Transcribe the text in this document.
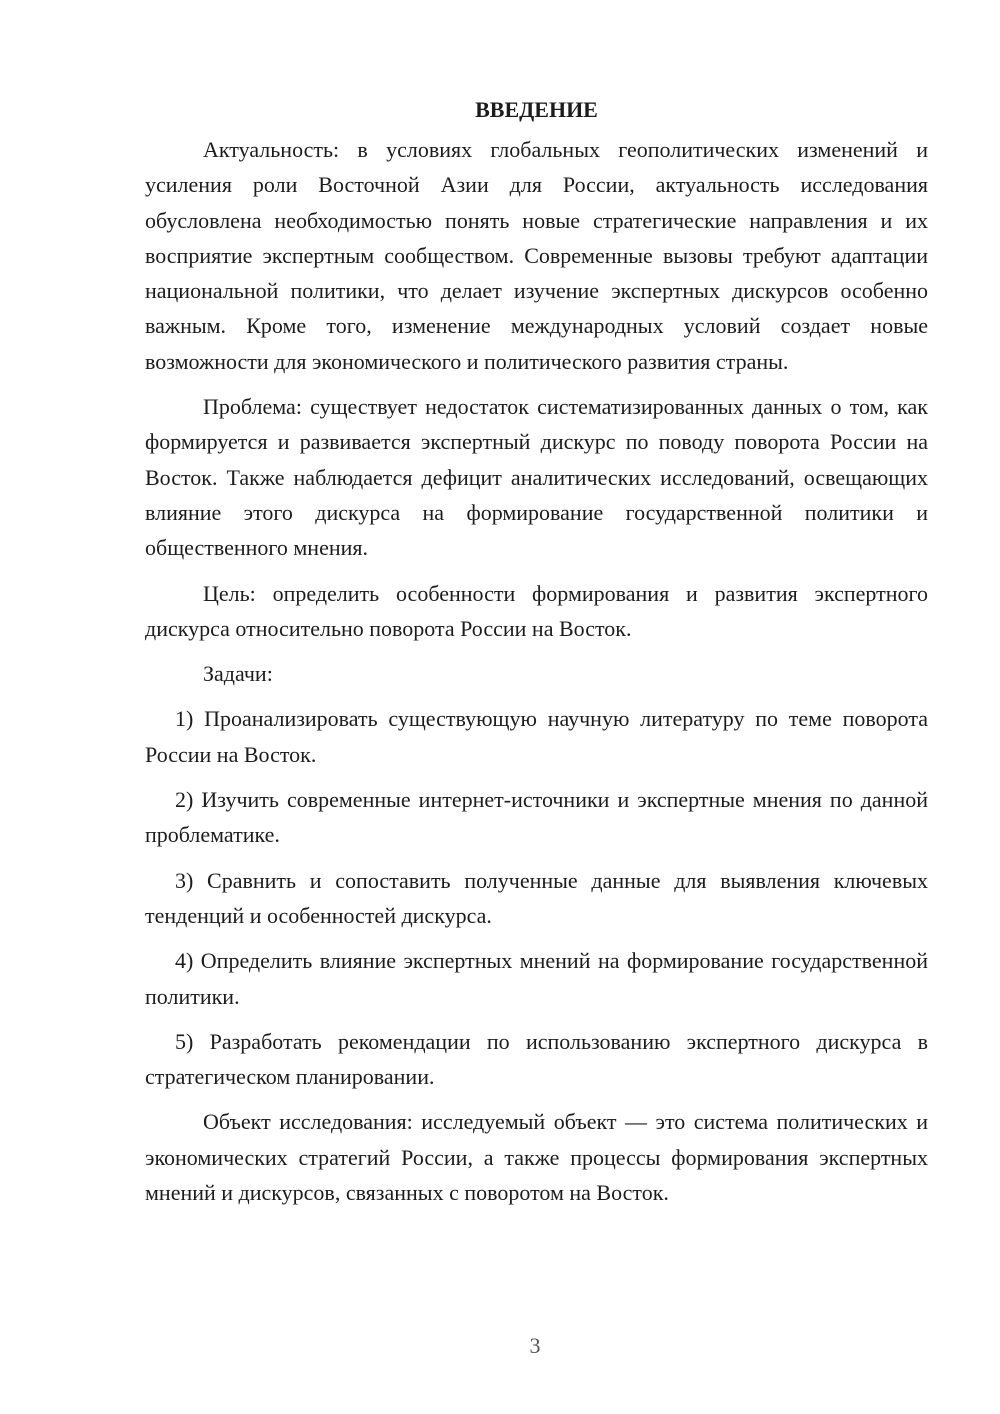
ВВЕДЕНИЕ

Актуальность: в условиях глобальных геополитических изменений и усиления роли Восточной Азии для России, актуальность исследования обусловлена необходимостью понять новые стратегические направления и их восприятие экспертным сообществом. Современные вызовы требуют адаптации национальной политики, что делает изучение экспертных дискурсов особенно важным. Кроме того, изменение международных условий создает новые возможности для экономического и политического развития страны.

Проблема: существует недостаток систематизированных данных о том, как формируется и развивается экспертный дискурс по поводу поворота России на Восток. Также наблюдается дефицит аналитических исследований, освещающих влияние этого дискурса на формирование государственной политики и общественного мнения.

Цель: определить особенности формирования и развития экспертного дискурса относительно поворота России на Восток.

Задачи:

1) Проанализировать существующую научную литературу по теме поворота России на Восток.

2) Изучить современные интернет-источники и экспертные мнения по данной проблематике.

3) Сравнить и сопоставить полученные данные для выявления ключевых тенденций и особенностей дискурса.

4) Определить влияние экспертных мнений на формирование государственной политики.

5) Разработать рекомендации по использованию экспертного дискурса в стратегическом планировании.

Объект исследования: исследуемый объект — это система политических и экономических стратегий России, а также процессы формирования экспертных мнений и дискурсов, связанных с поворотом на Восток.

3
